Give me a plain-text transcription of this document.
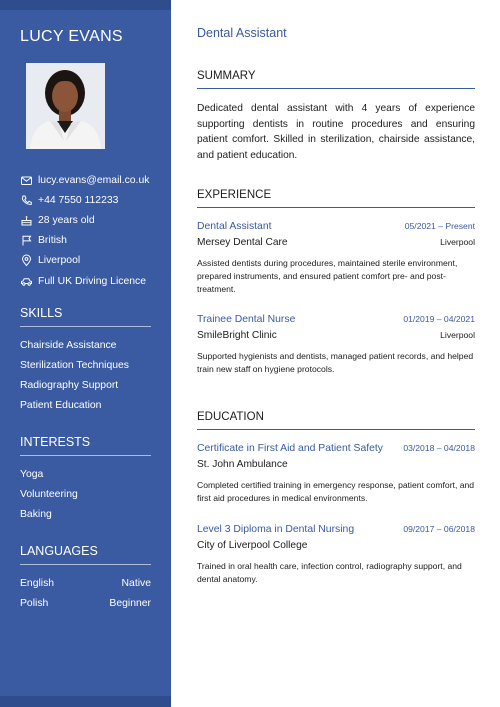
LUCY EVANS
lucy.evans@email.co.uk
+44 7550 112233
28 years old
British
Liverpool
Full UK Driving Licence
SKILLS
Chairside Assistance
Sterilization Techniques
Radiography Support
Patient Education
INTERESTS
Yoga
Volunteering
Baking
LANGUAGES
English	Native
Polish	Beginner
Dental Assistant
SUMMARY
Dedicated dental assistant with 4 years of experience supporting dentists in routine procedures and ensuring patient comfort. Skilled in sterilization, chairside assistance, and patient education.
EXPERIENCE
Dental Assistant	05/2021 – Present
Mersey Dental Care	Liverpool
Assisted dentists during procedures, maintained sterile environment, prepared instruments, and ensured patient comfort pre- and post-treatment.
Trainee Dental Nurse	01/2019 – 04/2021
SmileBright Clinic	Liverpool
Supported hygienists and dentists, managed patient records, and helped train new staff on hygiene protocols.
EDUCATION
Certificate in First Aid and Patient Safety 03/2018 – 04/2018
St. John Ambulance
Completed certified training in emergency response, patient comfort, and first aid procedures in medical environments.
Level 3 Diploma in Dental Nursing	09/2017 – 06/2018
City of Liverpool College
Trained in oral health care, infection control, radiography support, and dental anatomy.
